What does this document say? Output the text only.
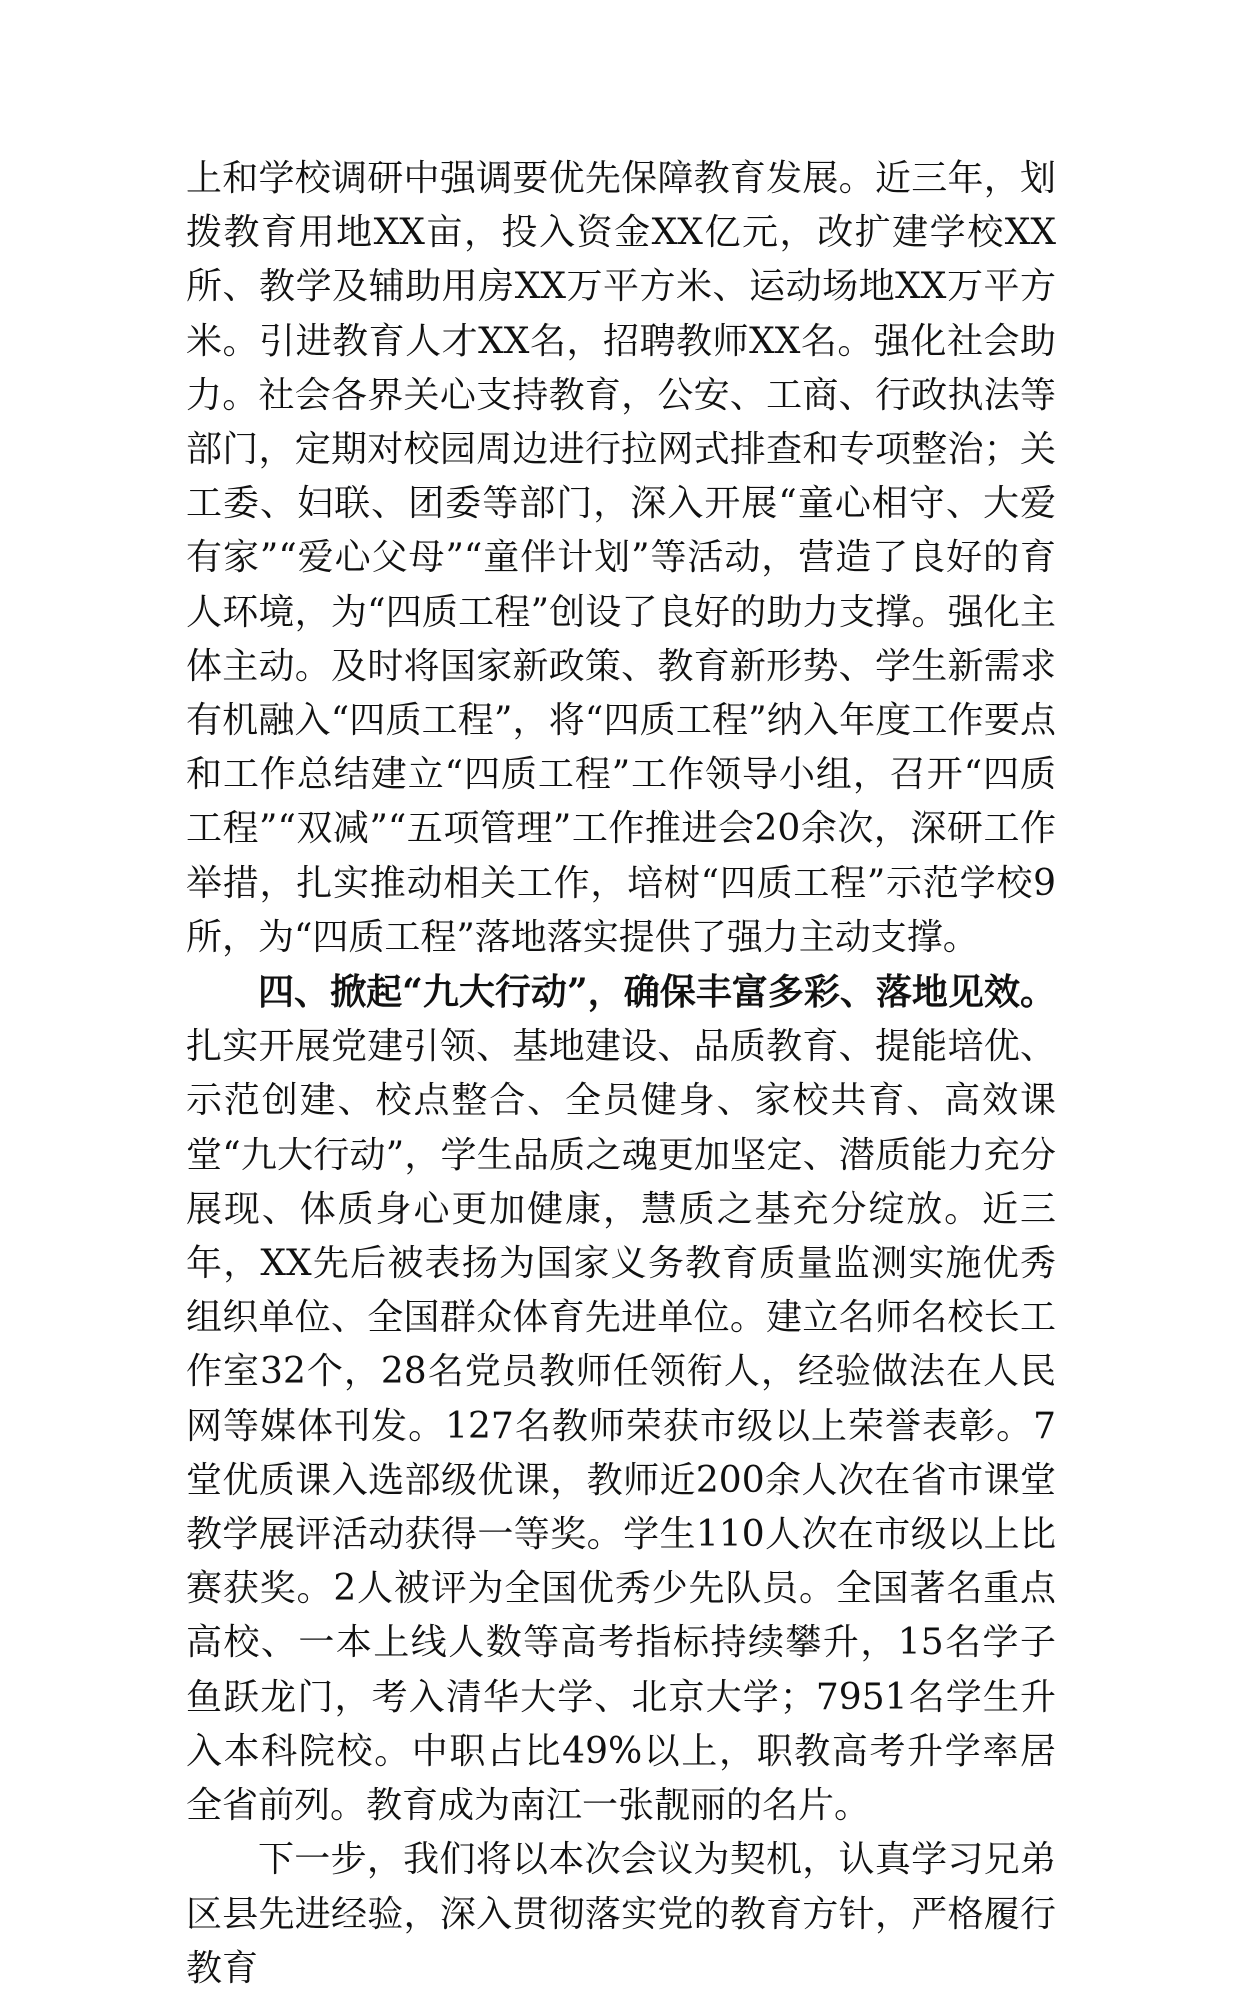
上和学校调研中强调要优先保障教育发展。近三年，划拨教育用地XX亩，投入资金XX亿元，改扩建学校XX所、教学及辅助用房XX万平方米、运动场地XX万平方米。引进教育人才XX名，招聘教师XX名。强化社会助力。社会各界关心支持教育，公安、工商、行政执法等部门，定期对校园周边进行拉网式排查和专项整治；关工委、妇联、团委等部门，深入开展“童心相守、大爱有家”“爱心父母”“童伴计划”等活动，营造了良好的育人环境，为“四质工程”创设了良好的助力支撑。强化主体主动。及时将国家新政策、教育新形势、学生新需求有机融入“四质工程”，将“四质工程”纳入年度工作要点和工作总结建立“四质工程”工作领导小组，召开“四质工程”“双减”“五项管理”工作推进会20余次，深研工作举措，扎实推动相关工作，培树“四质工程”示范学校9所，为“四质工程”落地落实提供了强力主动支撑。

四、掀起“九大行动”，确保丰富多彩、落地见效。扎实开展党建引领、基地建设、品质教育、提能培优、示范创建、校点整合、全员健身、家校共育、高效课堂“九大行动”，学生品质之魂更加坚定、潜质能力充分展现、体质身心更加健康，慧质之基充分绽放。近三年，XX先后被表扬为国家义务教育质量监测实施优秀组织单位、全国群众体育先进单位。建立名师名校长工作室32个，28名党员教师任领衔人，经验做法在人民网等媒体刊发。127名教师荣获市级以上荣誉表彰。7堂优质课入选部级优课，教师近200余人次在省市课堂教学展评活动获得一等奖。学生110人次在市级以上比赛获奖。2人被评为全国优秀少先队员。全国著名重点高校、一本上线人数等高考指标持续攀升，15名学子鱼跃龙门，考入清华大学、北京大学；7951名学生升入本科院校。中职占比49%以上，职教高考升学率居全省前列。教育成为南江一张靓丽的名片。

下一步，我们将以本次会议为契机，认真学习兄弟区县先进经验，深入贯彻落实党的教育方针，严格履行教育
